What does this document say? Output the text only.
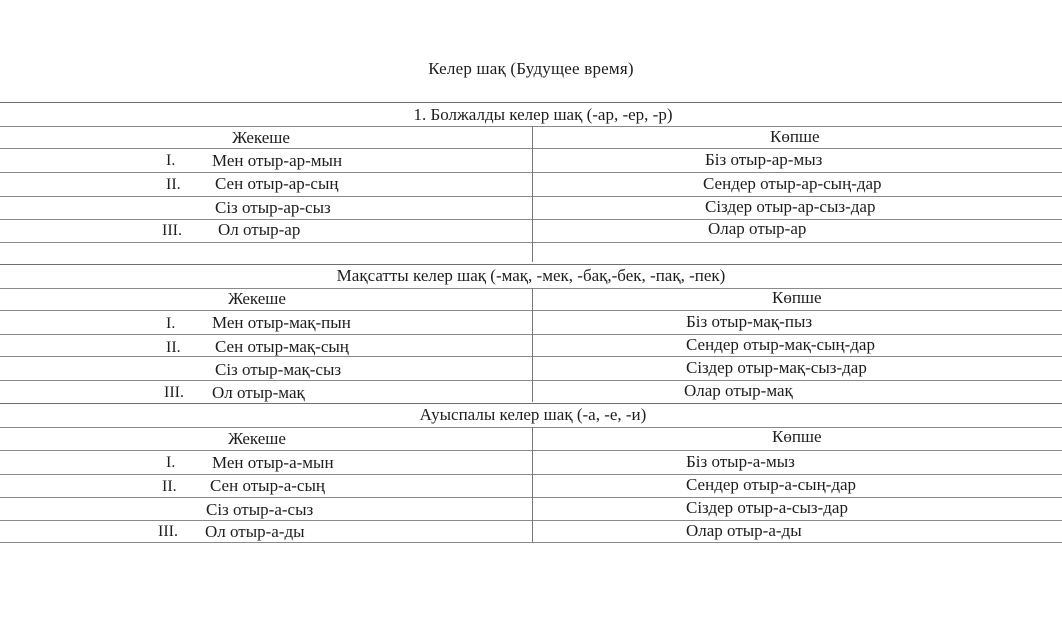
Келер шақ (Будущее время)
1. Болжалды келер шақ (-ар, -ер, -р)
Жекеше	Көпше
I. Мен отыр-ар-мын	Біз отыр-ар-мыз
II. Сен отыр-ар-сың	Сендер отыр-ар-сың-дар
Сіз отыр-ар-сыз	Сіздер отыр-ар-сыз-дар
III. Ол отыр-ар	Олар отыр-ар
Мақсатты келер шақ (-мақ, -мек, -бақ,-бек, -пақ, -пек)
Жекеше	Көпше
I. Мен отыр-мақ-пын	Біз отыр-мақ-пыз
II. Сен отыр-мақ-сың	Сендер отыр-мақ-сың-дар
Сіз отыр-мақ-сыз	Сіздер отыр-мақ-сыз-дар
III. Ол отыр-мақ	Олар отыр-мақ
Ауыспалы келер шақ (-а, -е, -и)
Жекеше	Көпше
I. Мен отыр-а-мын	Біз отыр-а-мыз
II. Сен отыр-а-сың	Сендер отыр-а-сың-дар
Сіз отыр-а-сыз	Сіздер отыр-а-сыз-дар
III. Ол отыр-а-ды	Олар отыр-а-ды
